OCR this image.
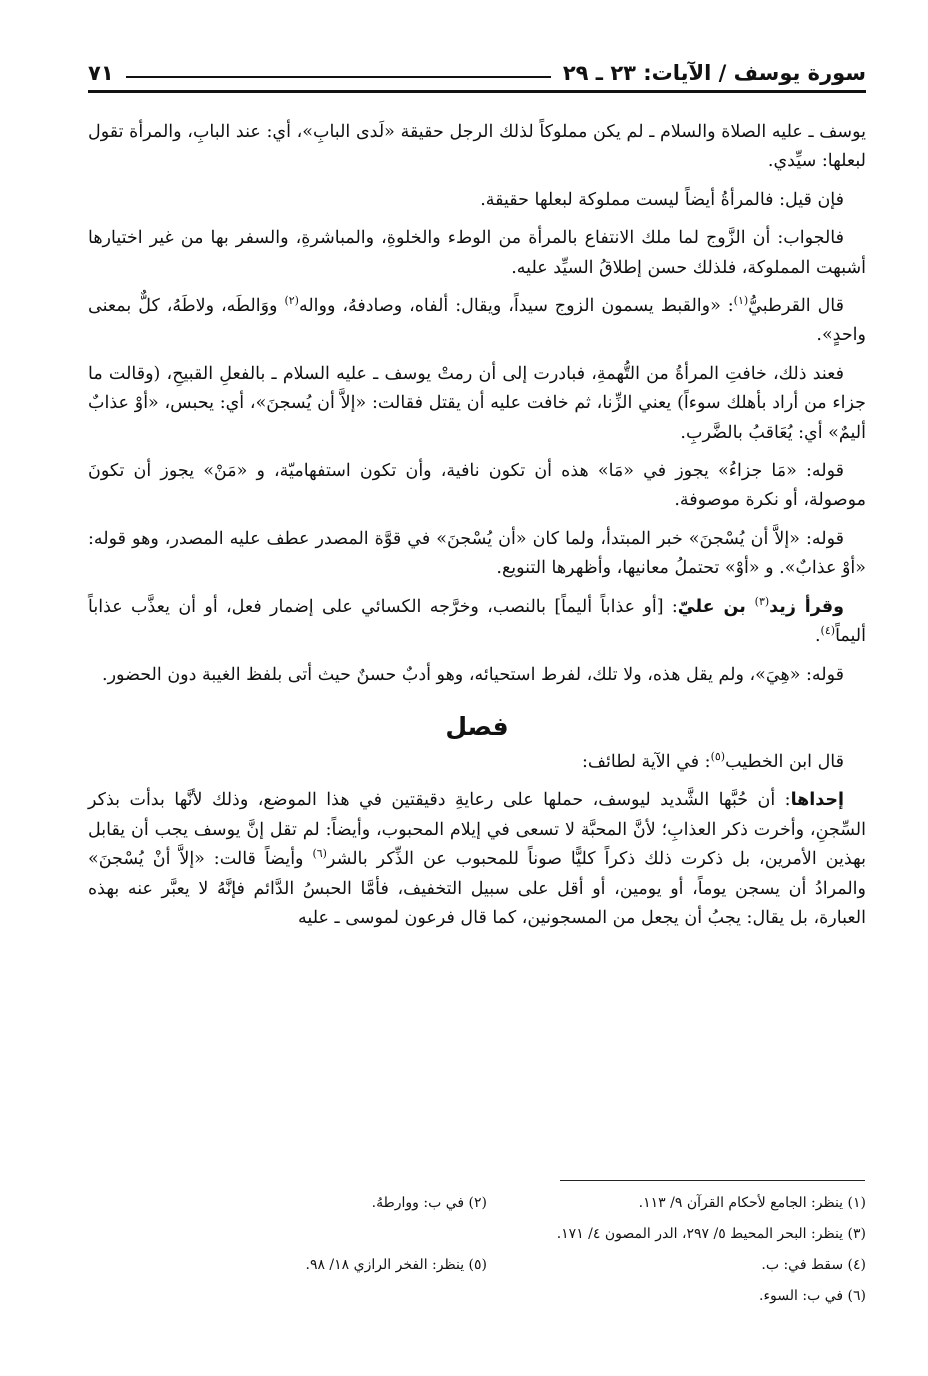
سورة يوسف / الآيات: ٢٣ ـ ٢٩
٧١

يوسف ـ عليه الصلاة والسلام ـ لم يكن مملوكاً لذلك الرجل حقيقة «لَدى البابِ»، أي: عند البابِ، والمرأة تقول لبعلها: سيِّدي.

فإن قيل: فالمرأةُ أيضاً ليست مملوكة لبعلها حقيقة.

فالجواب: أن الزَّوج لما ملك الانتفاع بالمرأة من الوطء والخلوةِ، والمباشرةِ، والسفر بها من غير اختيارها أشبهت المملوكة، فلذلك حسن إطلاقُ السيِّد عليه.

قال القرطبيُّ$^{(١)}$: «والقبط يسمون الزوج سيداً، ويقال: ألفاه، وصادفهُ، وواله$^{(٢)}$ ووَالطَه، ولاطَهُ، كلٌّ بمعنى واحدٍ».

فعند ذلك، خافتِ المرأةُ من التُّهمةِ، فبادرت إلى أن رمتْ يوسف ـ عليه السلام ـ بالفعلِ القبيحِ، (وقالت ما جزاء من أراد بأهلك سوءاً) يعني الزِّنا، ثم خافت عليه أن يقتل فقالت: «إلاَّ أن يُسجنَ»، أي: يحبس، «أوْ عذابٌ أليمٌ» أي: يُعَاقبُ بالضَّربِ.

قوله: «مَا جزاءُ» يجوز في «مَا» هذه أن تكون نافية، وأن تكون استفهاميّة، و «مَنْ» يجوز أن تكونَ موصولة، أو نكرة موصوفة.

قوله: «إلاَّ أن يُسْجنَ» خبر المبتدأ، ولما كان «أن يُسْجنَ» في قوَّة المصدر عطف عليه المصدر، وهو قوله: «أوْ عذابٌ». و «أوْ» تحتملُ معانيها، وأظهرها التنويع.

وقرأ زيد$^{(٣)}$ بن عليّ: [أو عذاباً أليماً] بالنصب، وخرَّجه الكسائي على إضمار فعل، أو أن يعذَّب عذاباً أليماً$^{(٤)}$.

قوله: «هِيَ»، ولم يقل هذه، ولا تلك، لفرط استحيائه، وهو أدبٌ حسنٌ حيث أتى بلفظ الغيبة دون الحضور.

فصل

قال ابن الخطيب$^{(٥)}$: في الآية لطائف:

إحداها: أن حُبَّها الشَّديد ليوسف، حملها على رعايةِ دقيقتين في هذا الموضع، وذلك لأنَّها بدأت بذكر السِّجنِ، وأخرت ذكر العذابِ؛ لأنَّ المحبَّة لا تسعى في إيلام المحبوب، وأيضاً: لم تقل إنَّ يوسف يجب أن يقابل بهذين الأمرين، بل ذكرت ذلك ذكراً كليًّا صوناً للمحبوب عن الذِّكر بالشر$^{(٦)}$ وأيضاً قالت: «إلاَّ أنْ يُسْجنَ» والمرادُ أن يسجن يوماً، أو يومين، أو أقل على سبيل التخفيف، فأمَّا الحبسُ الدَّائم فإنَّهُ لا يعبَّر عنه بهذه العبارة، بل يقال: يجبُ أن يجعل من المسجونين، كما قال فرعون لموسى ـ عليه

(١) ينظر: الجامع لأحكام القرآن ٩/ ١١٣.
(٢) في ب: ووارطهُ.
(٣) ينظر: البحر المحيط ٥/ ٢٩٧، الدر المصون ٤/ ١٧١.
(٤) سقط في: ب.
(٥) ينظر: الفخر الرازي ١٨/ ٩٨.
(٦) في ب: السوء.
